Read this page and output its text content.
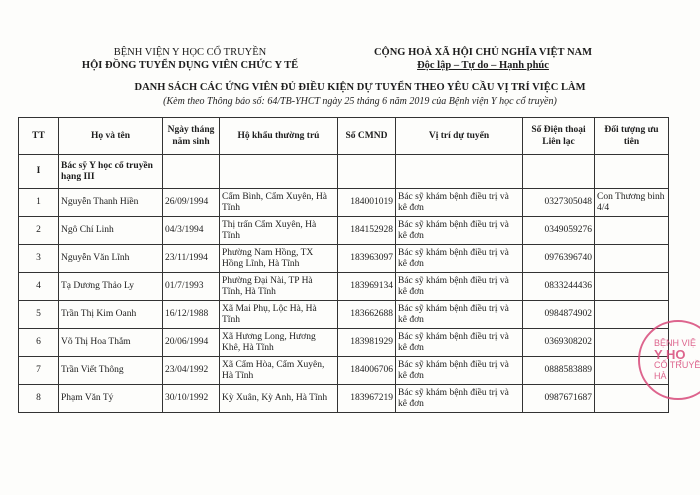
BỆNH VIỆN Y HỌC CỔ TRUYỀN
HỘI ĐỒNG TUYỂN DỤNG VIÊN CHỨC Y TẾ
CỘNG HOÀ XÃ HỘI CHỦ NGHĨA VIỆT NAM
Độc lập – Tự do – Hạnh phúc
DANH SÁCH CÁC ỨNG VIÊN ĐỦ ĐIỀU KIỆN DỰ TUYỂN THEO YÊU CẦU VỊ TRÍ VIỆC LÀM
(Kèm theo Thông báo số: 64/TB-YHCT ngày 25 tháng 6 năm 2019 của Bệnh viện Y học cổ truyền)
TT	Họ và tên	Ngày tháng năm sinh	Hộ khẩu thường trú	Số CMND	Vị trí dự tuyển	Số Điện thoại Liên lạc	Đối tượng ưu tiên
I	Bác sỹ Y học cổ truyền hạng III						
1	Nguyễn Thanh Hiền	26/09/1994	Cẩm Bình, Cẩm Xuyên, Hà Tĩnh	184001019	Bác sỹ khám bệnh điều trị và kê đơn	0327305048	Con Thương binh 4/4
2	Ngô Chí Linh	04/3/1994	Thị trấn Cẩm Xuyên, Hà Tĩnh	184152928	Bác sỹ khám bệnh điều trị và kê đơn	0349059276	
3	Nguyễn Văn Lĩnh	23/11/1994	Phường Nam Hồng, TX Hồng Lĩnh, Hà Tĩnh	183963097	Bác sỹ khám bệnh điều trị và kê đơn	0976396740	
4	Tạ Dương Thảo Ly	01/7/1993	Phường Đại Nài, TP Hà Tĩnh, Hà Tĩnh	183969134	Bác sỹ khám bệnh điều trị và kê đơn	0833244436	
5	Trần Thị Kim Oanh	16/12/1988	Xã Mai Phụ, Lộc Hà, Hà Tĩnh	183662688	Bác sỹ khám bệnh điều trị và kê đơn	0984874902	
6	Võ Thị Hoa Thắm	20/06/1994	Xã Hương Long, Hương Khê, Hà Tĩnh	183981929	Bác sỹ khám bệnh điều trị và kê đơn	0369308202	
7	Trần Viết Thông	23/04/1992	Xã Cẩm Hòa, Cẩm Xuyên, Hà Tĩnh	184006706	Bác sỹ khám bệnh điều trị và kê đơn	0888583889	
8	Phạm Văn Tý	30/10/1992	Kỳ Xuân, Kỳ Anh, Hà Tĩnh	183967219	Bác sỹ khám bệnh điều trị và kê đơn	0987671687	
BỆNH VIỆ
Y HỌ
CỔ TRUYỀ
HÀ
